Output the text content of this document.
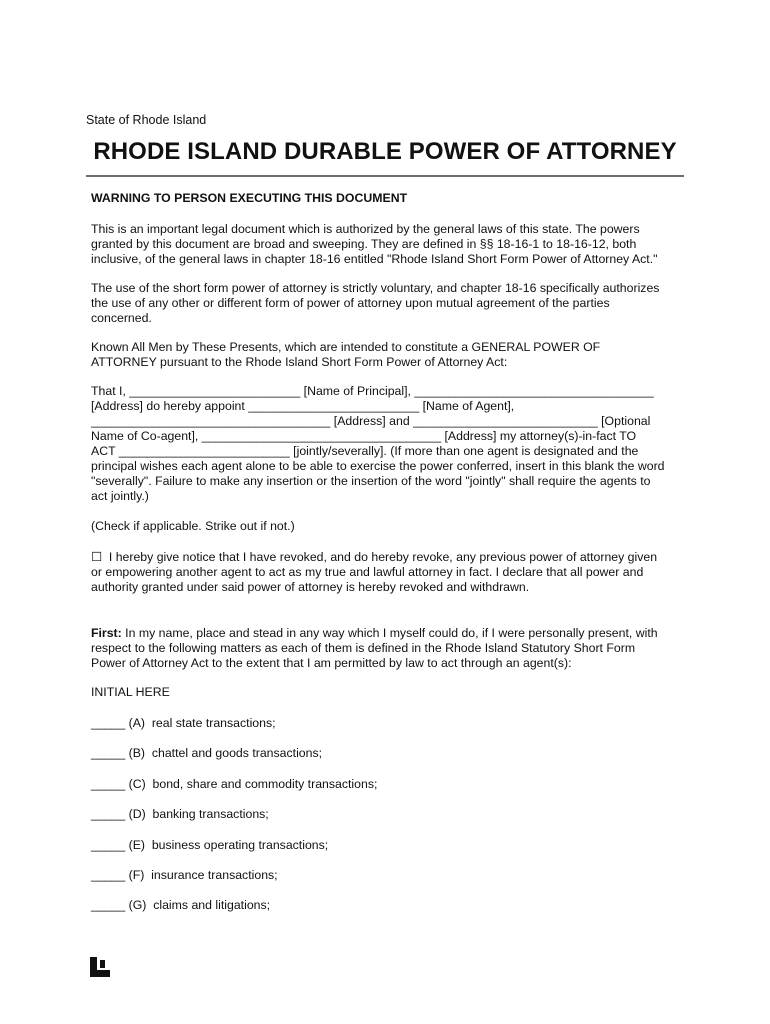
State of Rhode Island
RHODE ISLAND DURABLE POWER OF ATTORNEY
WARNING TO PERSON EXECUTING THIS DOCUMENT
This is an important legal document which is authorized by the general laws of this state. The powers
granted by this document are broad and sweeping. They are defined in §§ 18-16-1 to 18-16-12, both
inclusive, of the general laws in chapter 18-16 entitled "Rhode Island Short Form Power of Attorney Act."
The use of the short form power of attorney is strictly voluntary, and chapter 18-16 specifically authorizes
the use of any other or different form of power of attorney upon mutual agreement of the parties
concerned.
Known All Men by These Presents, which are intended to constitute a GENERAL POWER OF
ATTORNEY pursuant to the Rhode Island Short Form Power of Attorney Act:
That I, _________________________ [Name of Principal], ___________________________________
[Address] do hereby appoint _________________________ [Name of Agent],
___________________________________ [Address] and ___________________________ [Optional
Name of Co-agent], ___________________________________ [Address] my attorney(s)-in-fact TO
ACT _________________________ [jointly/severally]. (If more than one agent is designated and the
principal wishes each agent alone to be able to exercise the power conferred, insert in this blank the word
"severally". Failure to make any insertion or the insertion of the word "jointly" shall require the agents to
act jointly.)
(Check if applicable. Strike out if not.)
☐  I hereby give notice that I have revoked, and do hereby revoke, any previous power of attorney given
or empowering another agent to act as my true and lawful attorney in fact. I declare that all power and
authority granted under said power of attorney is hereby revoked and withdrawn.
First: In my name, place and stead in any way which I myself could do, if I were personally present, with
respect to the following matters as each of them is defined in the Rhode Island Statutory Short Form
Power of Attorney Act to the extent that I am permitted by law to act through an agent(s):
INITIAL HERE
_____ (A)  real state transactions;
_____ (B)  chattel and goods transactions;
_____ (C)  bond, share and commodity transactions;
_____ (D)  banking transactions;
_____ (E)  business operating transactions;
_____ (F)  insurance transactions;
_____ (G)  claims and litigations;
